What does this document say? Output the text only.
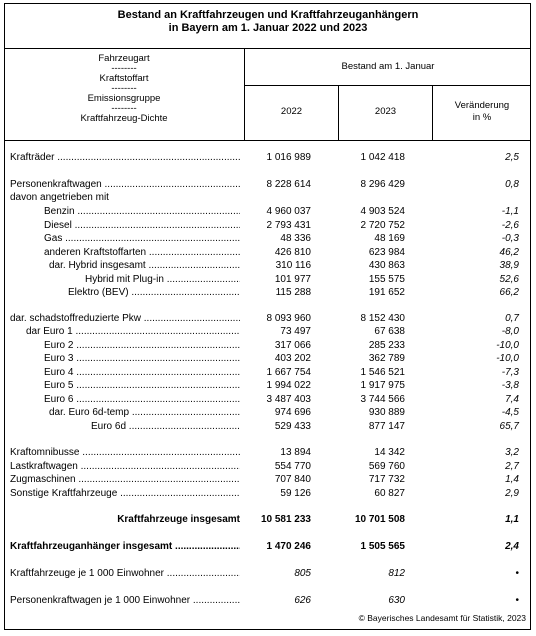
Bestand an Kraftfahrzeugen und Kraftfahrzeuganhängern
in Bayern am 1. Januar 2022 und 2023
Fahrzeugart
--------
Kraftstoffart
--------
Emissionsgruppe
--------
Kraftfahrzeug-Dichte
Bestand am 1. Januar
2022	2023
Veränderung
in %
Krafträder .....	1 016 989	1 042 418	2,5
Personenkraftwagen .....	8 228 614	8 296 429	0,8
davon angetrieben mit
Benzin .....	4 960 037	4 903 524	-1,1
Diesel .....	2 793 431	2 720 752	-2,6
Gas .....	48 336	48 169	-0,3
anderen Kraftstoffarten .....	426 810	623 984	46,2
dar. Hybrid insgesamt .....	310 116	430 863	38,9
Hybrid mit Plug-in .....	101 977	155 575	52,6
Elektro (BEV) .....	115 288	191 652	66,2
dar. schadstoffreduzierte Pkw .....	8 093 960	8 152 430	0,7
dar Euro 1 .....	73 497	67 638	-8,0
Euro 2 .....	317 066	285 233	-10,0
Euro 3 .....	403 202	362 789	-10,0
Euro 4 .....	1 667 754	1 546 521	-7,3
Euro 5 .....	1 994 022	1 917 975	-3,8
Euro 6 .....	3 487 403	3 744 566	7,4
dar. Euro 6d-temp .....	974 696	930 889	-4,5
Euro 6d .....	529 433	877 147	65,7
Kraftomnibusse .....	13 894	14 342	3,2
Lastkraftwagen .....	554 770	569 760	2,7
Zugmaschinen .....	707 840	717 732	1,4
Sonstige Kraftfahrzeuge .....	59 126	60 827	2,9
Kraftfahrzeuge insgesamt	10 581 233	10 701 508	1,1
Kraftfahrzeuganhänger insgesamt .....	1 470 246	1 505 565	2,4
Kraftfahrzeuge je 1 000 Einwohner .....	805	812	•
Personenkraftwagen je 1 000 Einwohner .....	626	630	•
© Bayerisches Landesamt für Statistik, 2023
